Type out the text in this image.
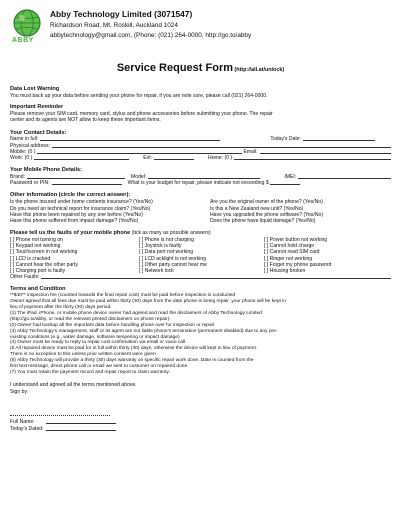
ABBY
Abby Technology Limited (3071547)
Richardson Road, Mt. Roskill, Auckland 1024
abbytechnology@gmail.com, (Phone: (021) 264-0000, http://go.to/abby
Service Request Form (http://all.at/unlock)
Data Lost Warning
You must back up your data before sending your phone for repair, if you are note sure, please call (021) 264-0000.
Important Reminder
Please remove your SIM card, memory card, stylus and phone accessories before submitting your phone. The repair
center and its agents are NOT allow to keep these important items.
Your Contact Details:
Name in full:	Today's Date:
Physical address:
Mobile: (0 )	Email:
Work: (0 )	Ext:	Home: (0 )
Your Mobile Phone Details:
Brand:	Model:	IMEI:
Password or PIN:	What is your budget for repair, please indicate not exceeding $
Other information (circle the correct answer):
Is the phone insured under home contents insurance? (Yes/No)	Are you the original owner of the phone? (Yes/No)
Do you need an technical report for insurance claim? (Yes/No)	Is this a New Zealand new unit? (Yes/No)
Have this phone been repaired by any one before (Yes/No)	Have you upgraded the phone software? (Yes/No)
Have this phone suffered from impact damage? (Yes/No)	Does the phone have liquid damage? (Yes/No)
Please tell us the faults of your mobile phone (tick as many as possible answers)
[ ] Phone not turning on	[ ] Phone is not charging	[ ] Power button not working
[ ] Keypad not working	[ ] Joystick is faulty	[ ] Cannot hold charge
[ ] Touchscreen in not working	[ ] Data port not working	[ ] Cannot read SIM card
[ ] LCD is cracked	[ ] LCD acklight is not working	[ ] Ringer not working
[ ] Cannot hear the other party	[ ] Other party cannot hear me	[ ] Forget my phone password
[ ] Charging port is faulty	[ ] Network lock	[ ] Housing broken
Other Faults:
Terms and Condition

**$40** inspection fee (counted towards the final repair cost) must be paid before inspection is conducted

Owner agreed that all fees due must be paid within thirty (30) days from the date phone is being repair, your phone will be kept in

lieu of payment after the thirty (30) days period.

(1) The iPad, iPhone, or mobile phone device owner had agreed and read the disclaimers of Abby Technology Limited

(http://go.to/abby, or read the relevant printed disclaimers on phone repair).

(2) Owner had backup all the important data before handling phone over for inspection or repair

(3) Abby Technology's management, staff or its agent are not liable phone's termination (permanent disabled) due to any pre-

existing conditions (e.g., water damage, software tempering or impact damage)

(4) Owner must be ready to reply to repair cost confirmation via email or voice call.

(5 All repaired device must be paid for in full within thirty (30) days, otherwise the device will kept in lieu of payment.

There is no exception to this unless prior written consent were given

(6) Abby Technology will provide a thirty (30) days warranty on specific repair work done. Date is counted from the

first text message, direct phone call or email we sent to customer on repaired done.

(7) You must retain the payment record and repair report to claim warranty.

I understand and agreed all the terms mentioned above.
Sign by:
Full Name:
Today's Dated:
